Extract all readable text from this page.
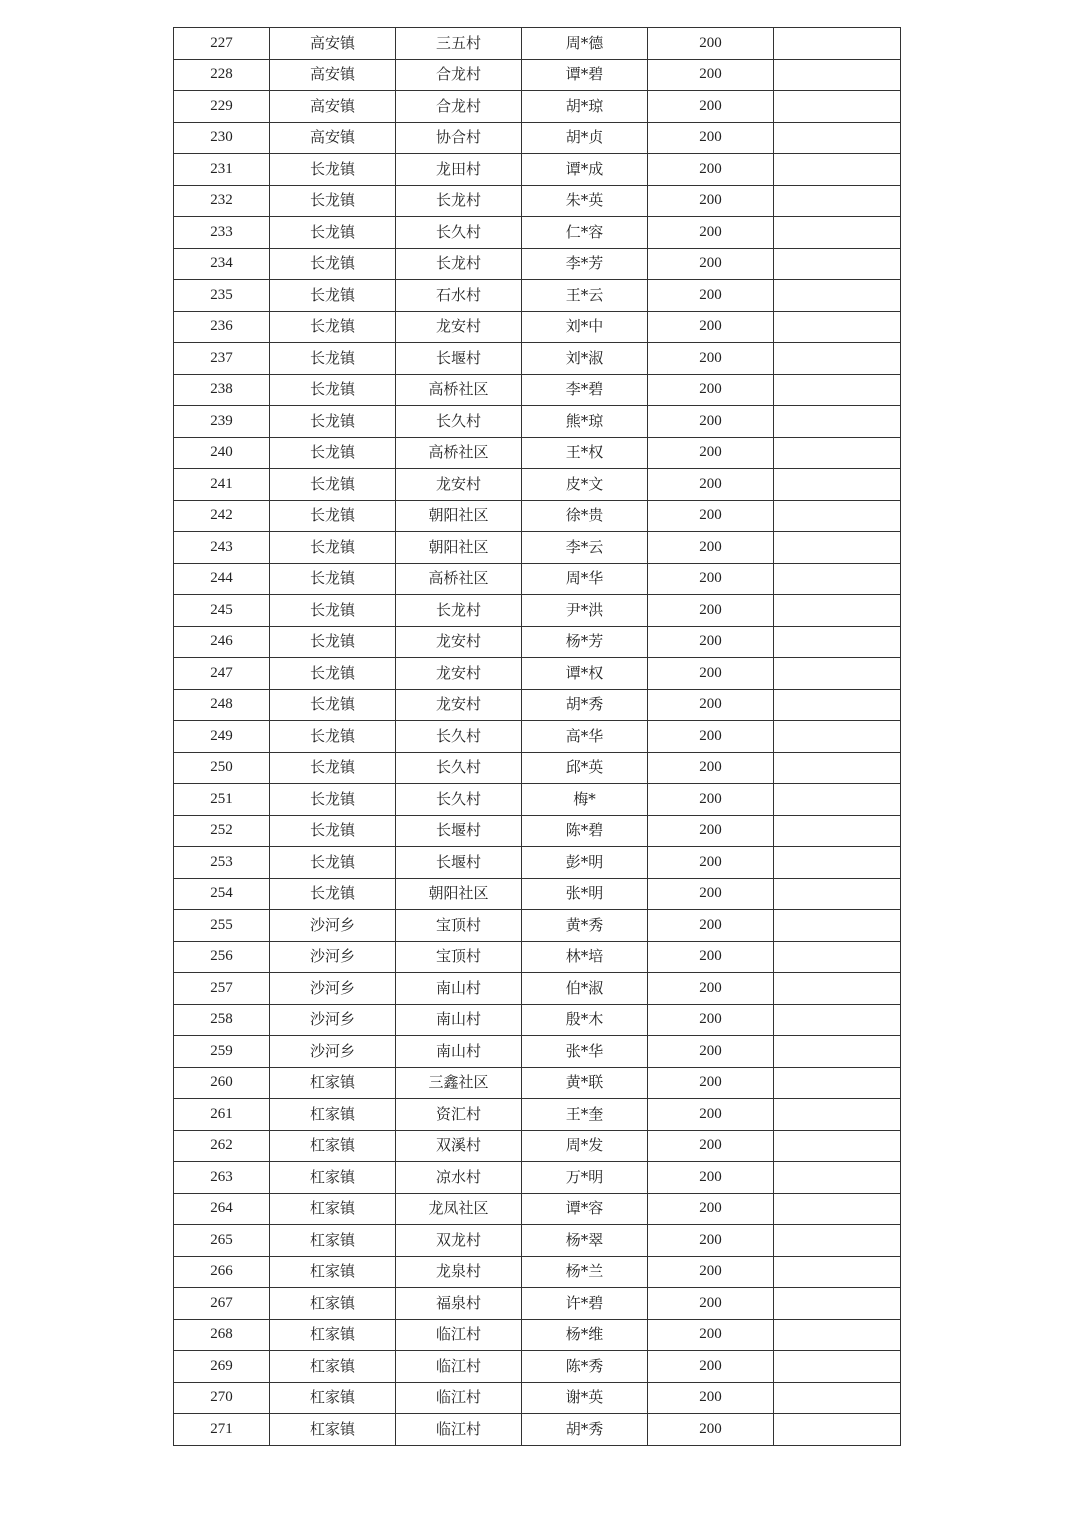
227	高安镇	三五村	周*德	200	
228	高安镇	合龙村	谭*碧	200	
229	高安镇	合龙村	胡*琼	200	
230	高安镇	协合村	胡*贞	200	
231	长龙镇	龙田村	谭*成	200	
232	长龙镇	长龙村	朱*英	200	
233	长龙镇	长久村	仁*容	200	
234	长龙镇	长龙村	李*芳	200	
235	长龙镇	石水村	王*云	200	
236	长龙镇	龙安村	刘*中	200	
237	长龙镇	长堰村	刘*淑	200	
238	长龙镇	高桥社区	李*碧	200	
239	长龙镇	长久村	熊*琼	200	
240	长龙镇	高桥社区	王*权	200	
241	长龙镇	龙安村	皮*文	200	
242	长龙镇	朝阳社区	徐*贵	200	
243	长龙镇	朝阳社区	李*云	200	
244	长龙镇	高桥社区	周*华	200	
245	长龙镇	长龙村	尹*洪	200	
246	长龙镇	龙安村	杨*芳	200	
247	长龙镇	龙安村	谭*权	200	
248	长龙镇	龙安村	胡*秀	200	
249	长龙镇	长久村	高*华	200	
250	长龙镇	长久村	邱*英	200	
251	长龙镇	长久村	梅*	200	
252	长龙镇	长堰村	陈*碧	200	
253	长龙镇	长堰村	彭*明	200	
254	长龙镇	朝阳社区	张*明	200	
255	沙河乡	宝顶村	黄*秀	200	
256	沙河乡	宝顶村	林*培	200	
257	沙河乡	南山村	伯*淑	200	
258	沙河乡	南山村	殷*木	200	
259	沙河乡	南山村	张*华	200	
260	杠家镇	三鑫社区	黄*联	200	
261	杠家镇	资汇村	王*奎	200	
262	杠家镇	双溪村	周*发	200	
263	杠家镇	凉水村	万*明	200	
264	杠家镇	龙凤社区	谭*容	200	
265	杠家镇	双龙村	杨*翠	200	
266	杠家镇	龙泉村	杨*兰	200	
267	杠家镇	福泉村	许*碧	200	
268	杠家镇	临江村	杨*维	200	
269	杠家镇	临江村	陈*秀	200	
270	杠家镇	临江村	谢*英	200	
271	杠家镇	临江村	胡*秀	200	
